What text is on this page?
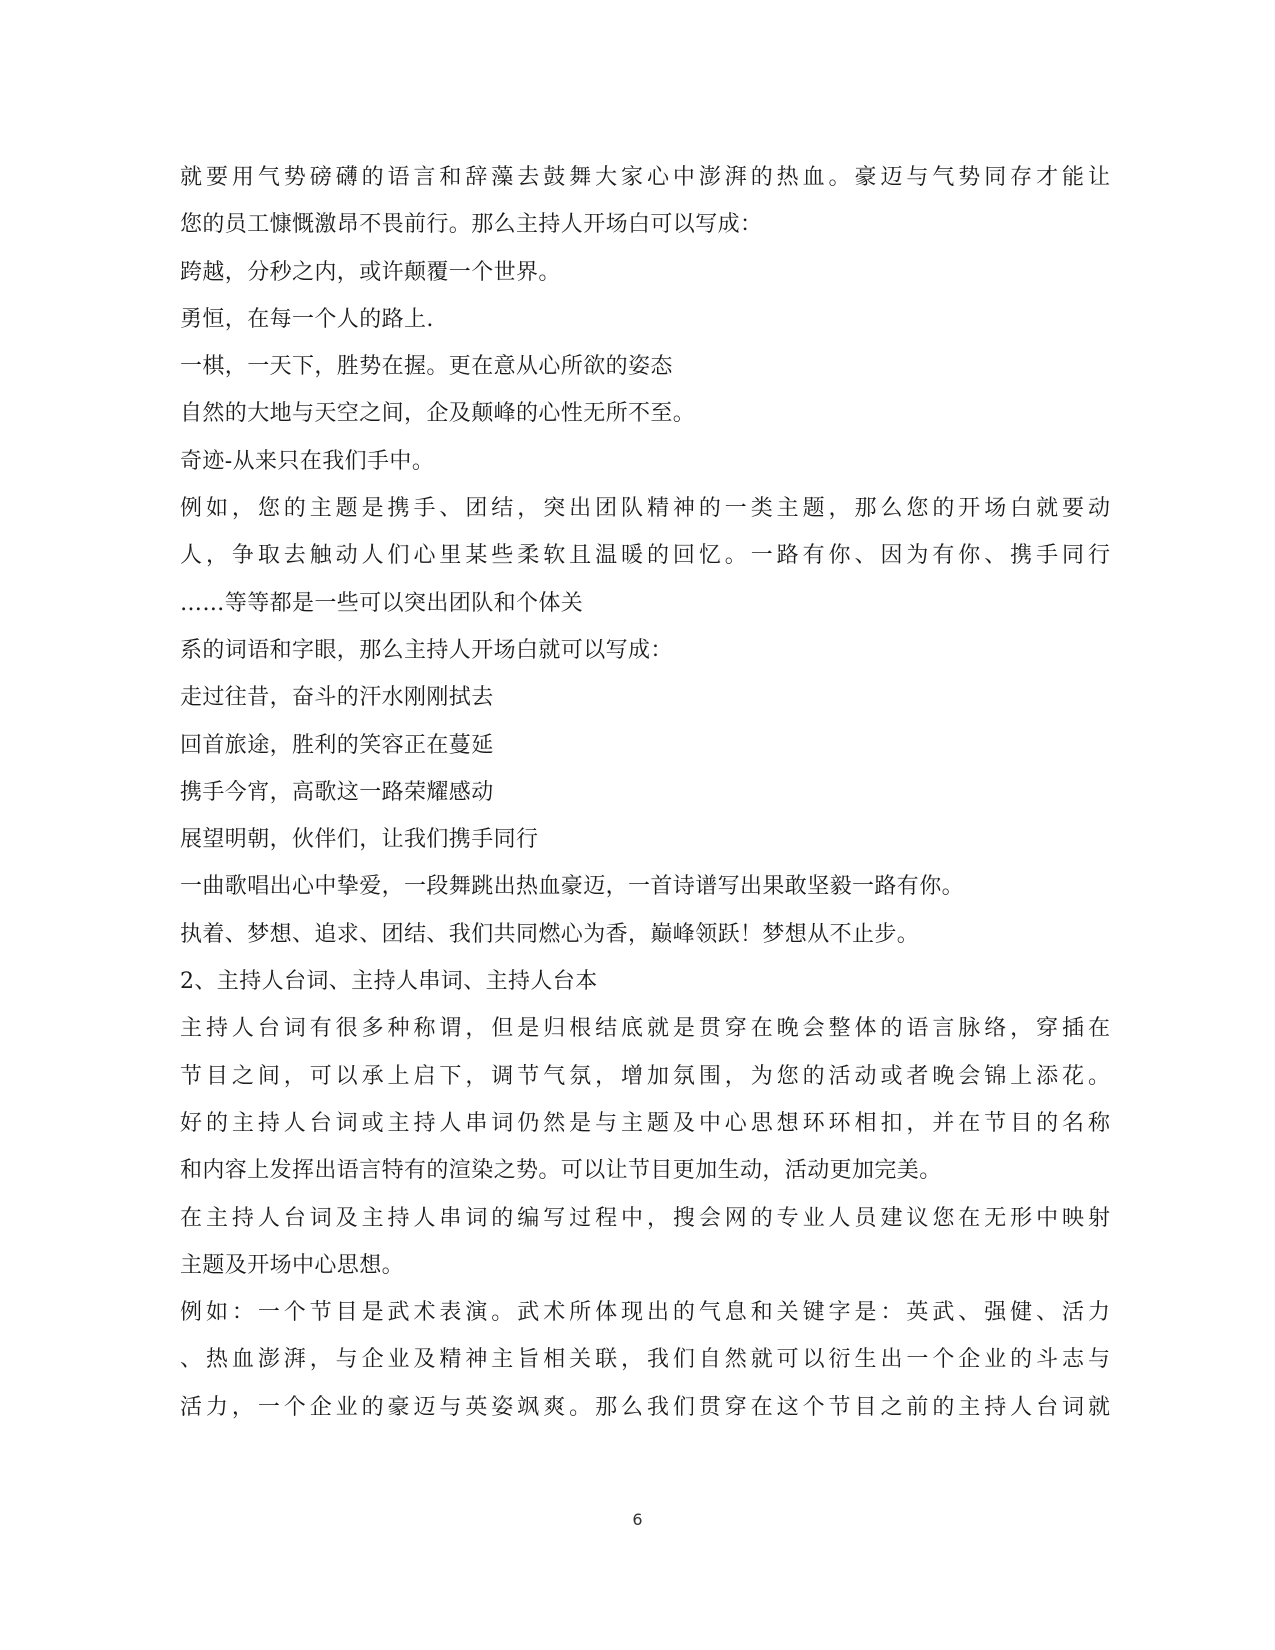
就要用气势磅礴的语言和辞藻去鼓舞大家心中澎湃的热血。豪迈与气势同存才能让
您的员工慷慨激昂不畏前行。那么主持人开场白可以写成：
跨越，分秒之内，或许颠覆一个世界。
勇恒，在每一个人的路上.
一棋，一天下，胜势在握。更在意从心所欲的姿态
自然的大地与天空之间，企及颠峰的心性无所不至。
奇迹-从来只在我们手中。
例如，您的主题是携手、团结，突出团队精神的一类主题，那么您的开场白就要动
人，争取去触动人们心里某些柔软且温暖的回忆。一路有你、因为有你、携手同行
……等等都是一些可以突出团队和个体关
系的词语和字眼，那么主持人开场白就可以写成：
走过往昔，奋斗的汗水刚刚拭去
回首旅途，胜利的笑容正在蔓延
携手今宵，高歌这一路荣耀感动
展望明朝，伙伴们，让我们携手同行
一曲歌唱出心中挚爱，一段舞跳出热血豪迈，一首诗谱写出果敢坚毅一路有你。
执着、梦想、追求、团结、我们共同燃心为香，巅峰领跃！梦想从不止步。
2、主持人台词、主持人串词、主持人台本
主持人台词有很多种称谓，但是归根结底就是贯穿在晚会整体的语言脉络，穿插在
节目之间，可以承上启下，调节气氛，增加氛围，为您的活动或者晚会锦上添花。
好的主持人台词或主持人串词仍然是与主题及中心思想环环相扣，并在节目的名称
和内容上发挥出语言特有的渲染之势。可以让节目更加生动，活动更加完美。
在主持人台词及主持人串词的编写过程中，搜会网的专业人员建议您在无形中映射
主题及开场中心思想。
例如：一个节目是武术表演。武术所体现出的气息和关键字是：英武、强健、活力
、热血澎湃，与企业及精神主旨相关联，我们自然就可以衍生出一个企业的斗志与
活力，一个企业的豪迈与英姿飒爽。那么我们贯穿在这个节目之前的主持人台词就
6
